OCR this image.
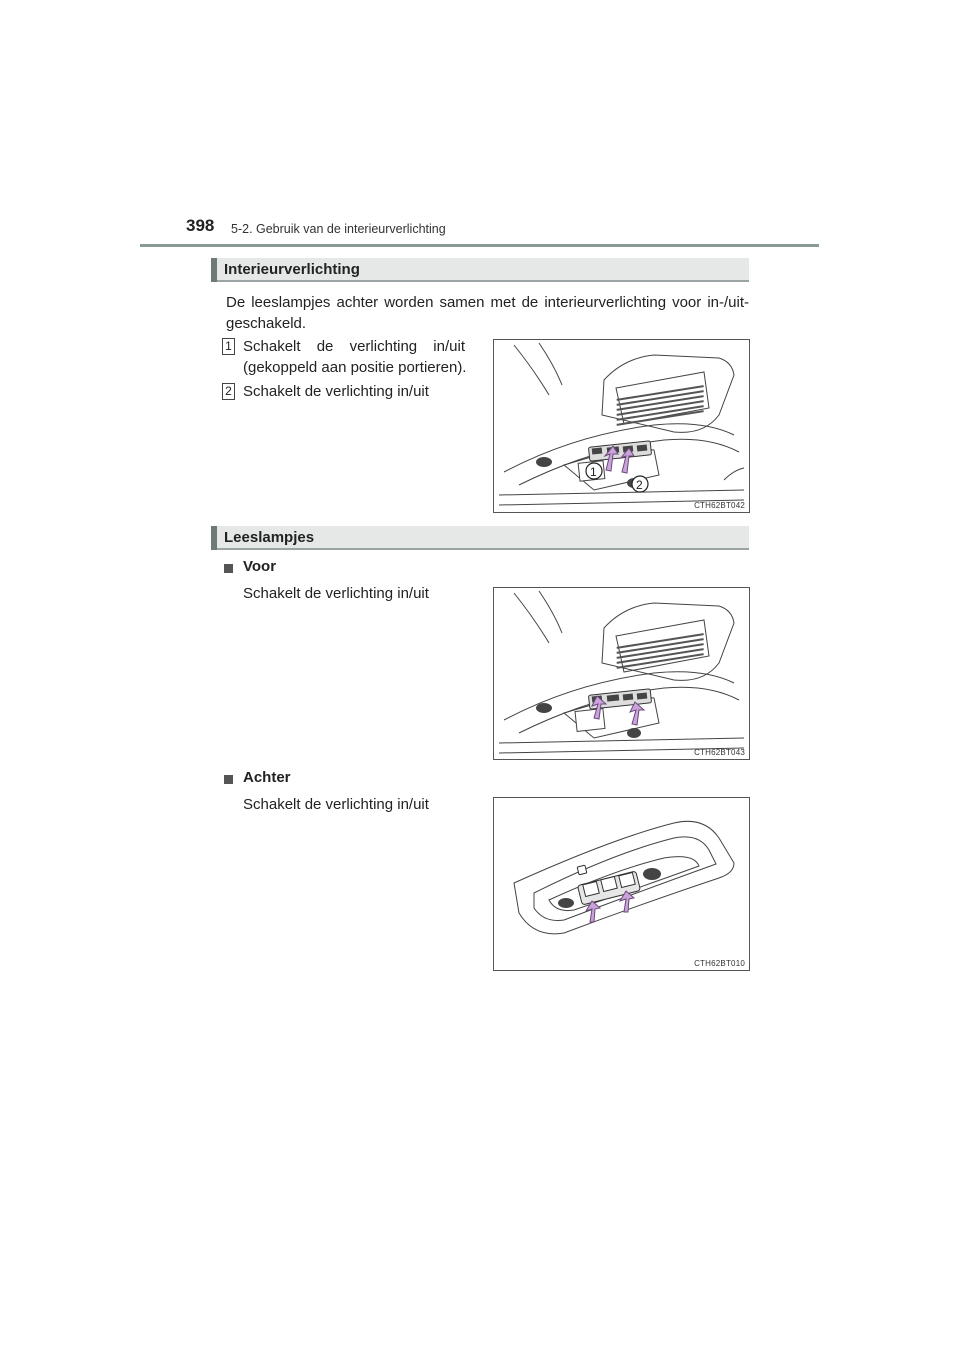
398 5-2. Gebruik van de interieurverlichting
Interieurverlichting
De leeslampjes achter worden samen met de interieurverlichting voor in-/uit-
geschakeld.
1 Schakelt de verlichting in/uit
(gekoppeld aan positie portieren).
2 Schakelt de verlichting in/uit
1
2
CTH62BT042
Leeslampjes
Voor
Schakelt de verlichting in/uit
CTH62BT043
Achter
Schakelt de verlichting in/uit
CTH62BT010
